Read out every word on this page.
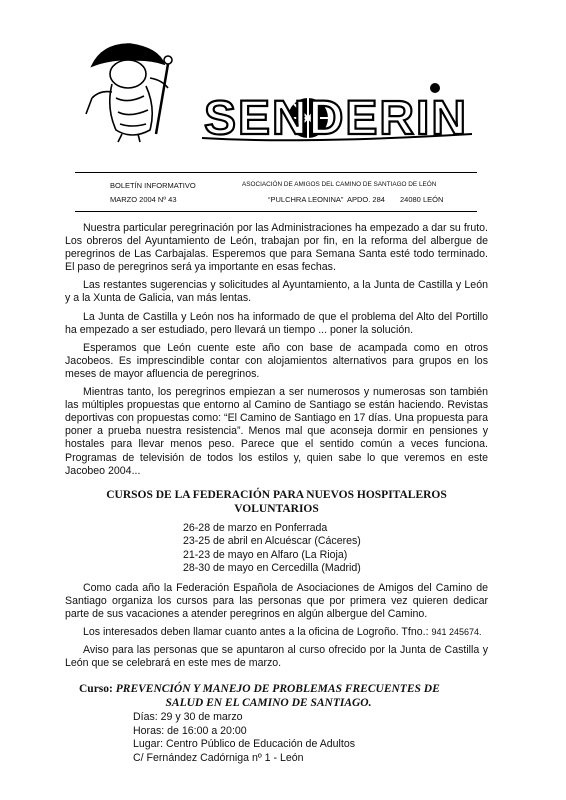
SENDERIN
BOLETÍN INFORMATIVO	ASOCIACIÓN DE AMIGOS DEL CAMINO DE SANTIAGO DE LEÓN
MARZO 2004 Nº 43	“PULCHRA LEONINA” APDO. 284 24080 LEÓN

Nuestra particular peregrinación por las Administraciones ha empezado a dar su fruto. Los obreros del Ayuntamiento de León, trabajan por fin, en la reforma del albergue de peregrinos de Las Carbajalas. Esperemos que para Semana Santa esté todo terminado. El paso de peregrinos será ya importante en esas fechas.

Las restantes sugerencias y solicitudes al Ayuntamiento, a la Junta de Castilla y León y a la Xunta de Galicia, van más lentas.

La Junta de Castilla y León nos ha informado de que el problema del Alto del Portillo ha empezado a ser estudiado, pero llevará un tiempo ... poner la solución.

Esperamos que León cuente este año con base de acampada como en otros Jacobeos. Es imprescindible contar con alojamientos alternativos para grupos en los meses de mayor afluencia de peregrinos.

Mientras tanto, los peregrinos empiezan a ser numerosos y numerosas son también las múltiples propuestas que entorno al Camino de Santiago se están haciendo. Revistas deportivas con propuestas como: “El Camino de Santiago en 17 días. Una propuesta para poner a prueba nuestra resistencia”. Menos mal que aconseja dormir en pensiones y hostales para llevar menos peso. Parece que el sentido común a veces funciona. Programas de televisión de todos los estilos y, quien sabe lo que veremos en este Jacobeo 2004...

CURSOS DE LA FEDERACIÓN PARA NUEVOS HOSPITALEROS VOLUNTARIOS
26-28 de marzo en Ponferrada
23-25 de abril en Alcuéscar (Cáceres)
21-23 de mayo en Alfaro (La Rioja)
28-30 de mayo en Cercedilla (Madrid)

Como cada año la Federación Española de Asociaciones de Amigos del Camino de Santiago organiza los cursos para las personas que por primera vez quieren dedicar parte de sus vacaciones a atender peregrinos en algún albergue del Camino.

Los interesados deben llamar cuanto antes a la oficina de Logroño. Tfno.: 941 245674.

Aviso para las personas que se apuntaron al curso ofrecido por la Junta de Castilla y León que se celebrará en este mes de marzo.

Curso: PREVENCIÓN Y MANEJO DE PROBLEMAS FRECUENTES DE
SALUD EN EL CAMINO DE SANTIAGO.
Días: 29 y 30 de marzo
Horas: de 16:00 a 20:00
Lugar: Centro Público de Educación de Adultos
C/ Fernández Cadórniga nº 1 - León
